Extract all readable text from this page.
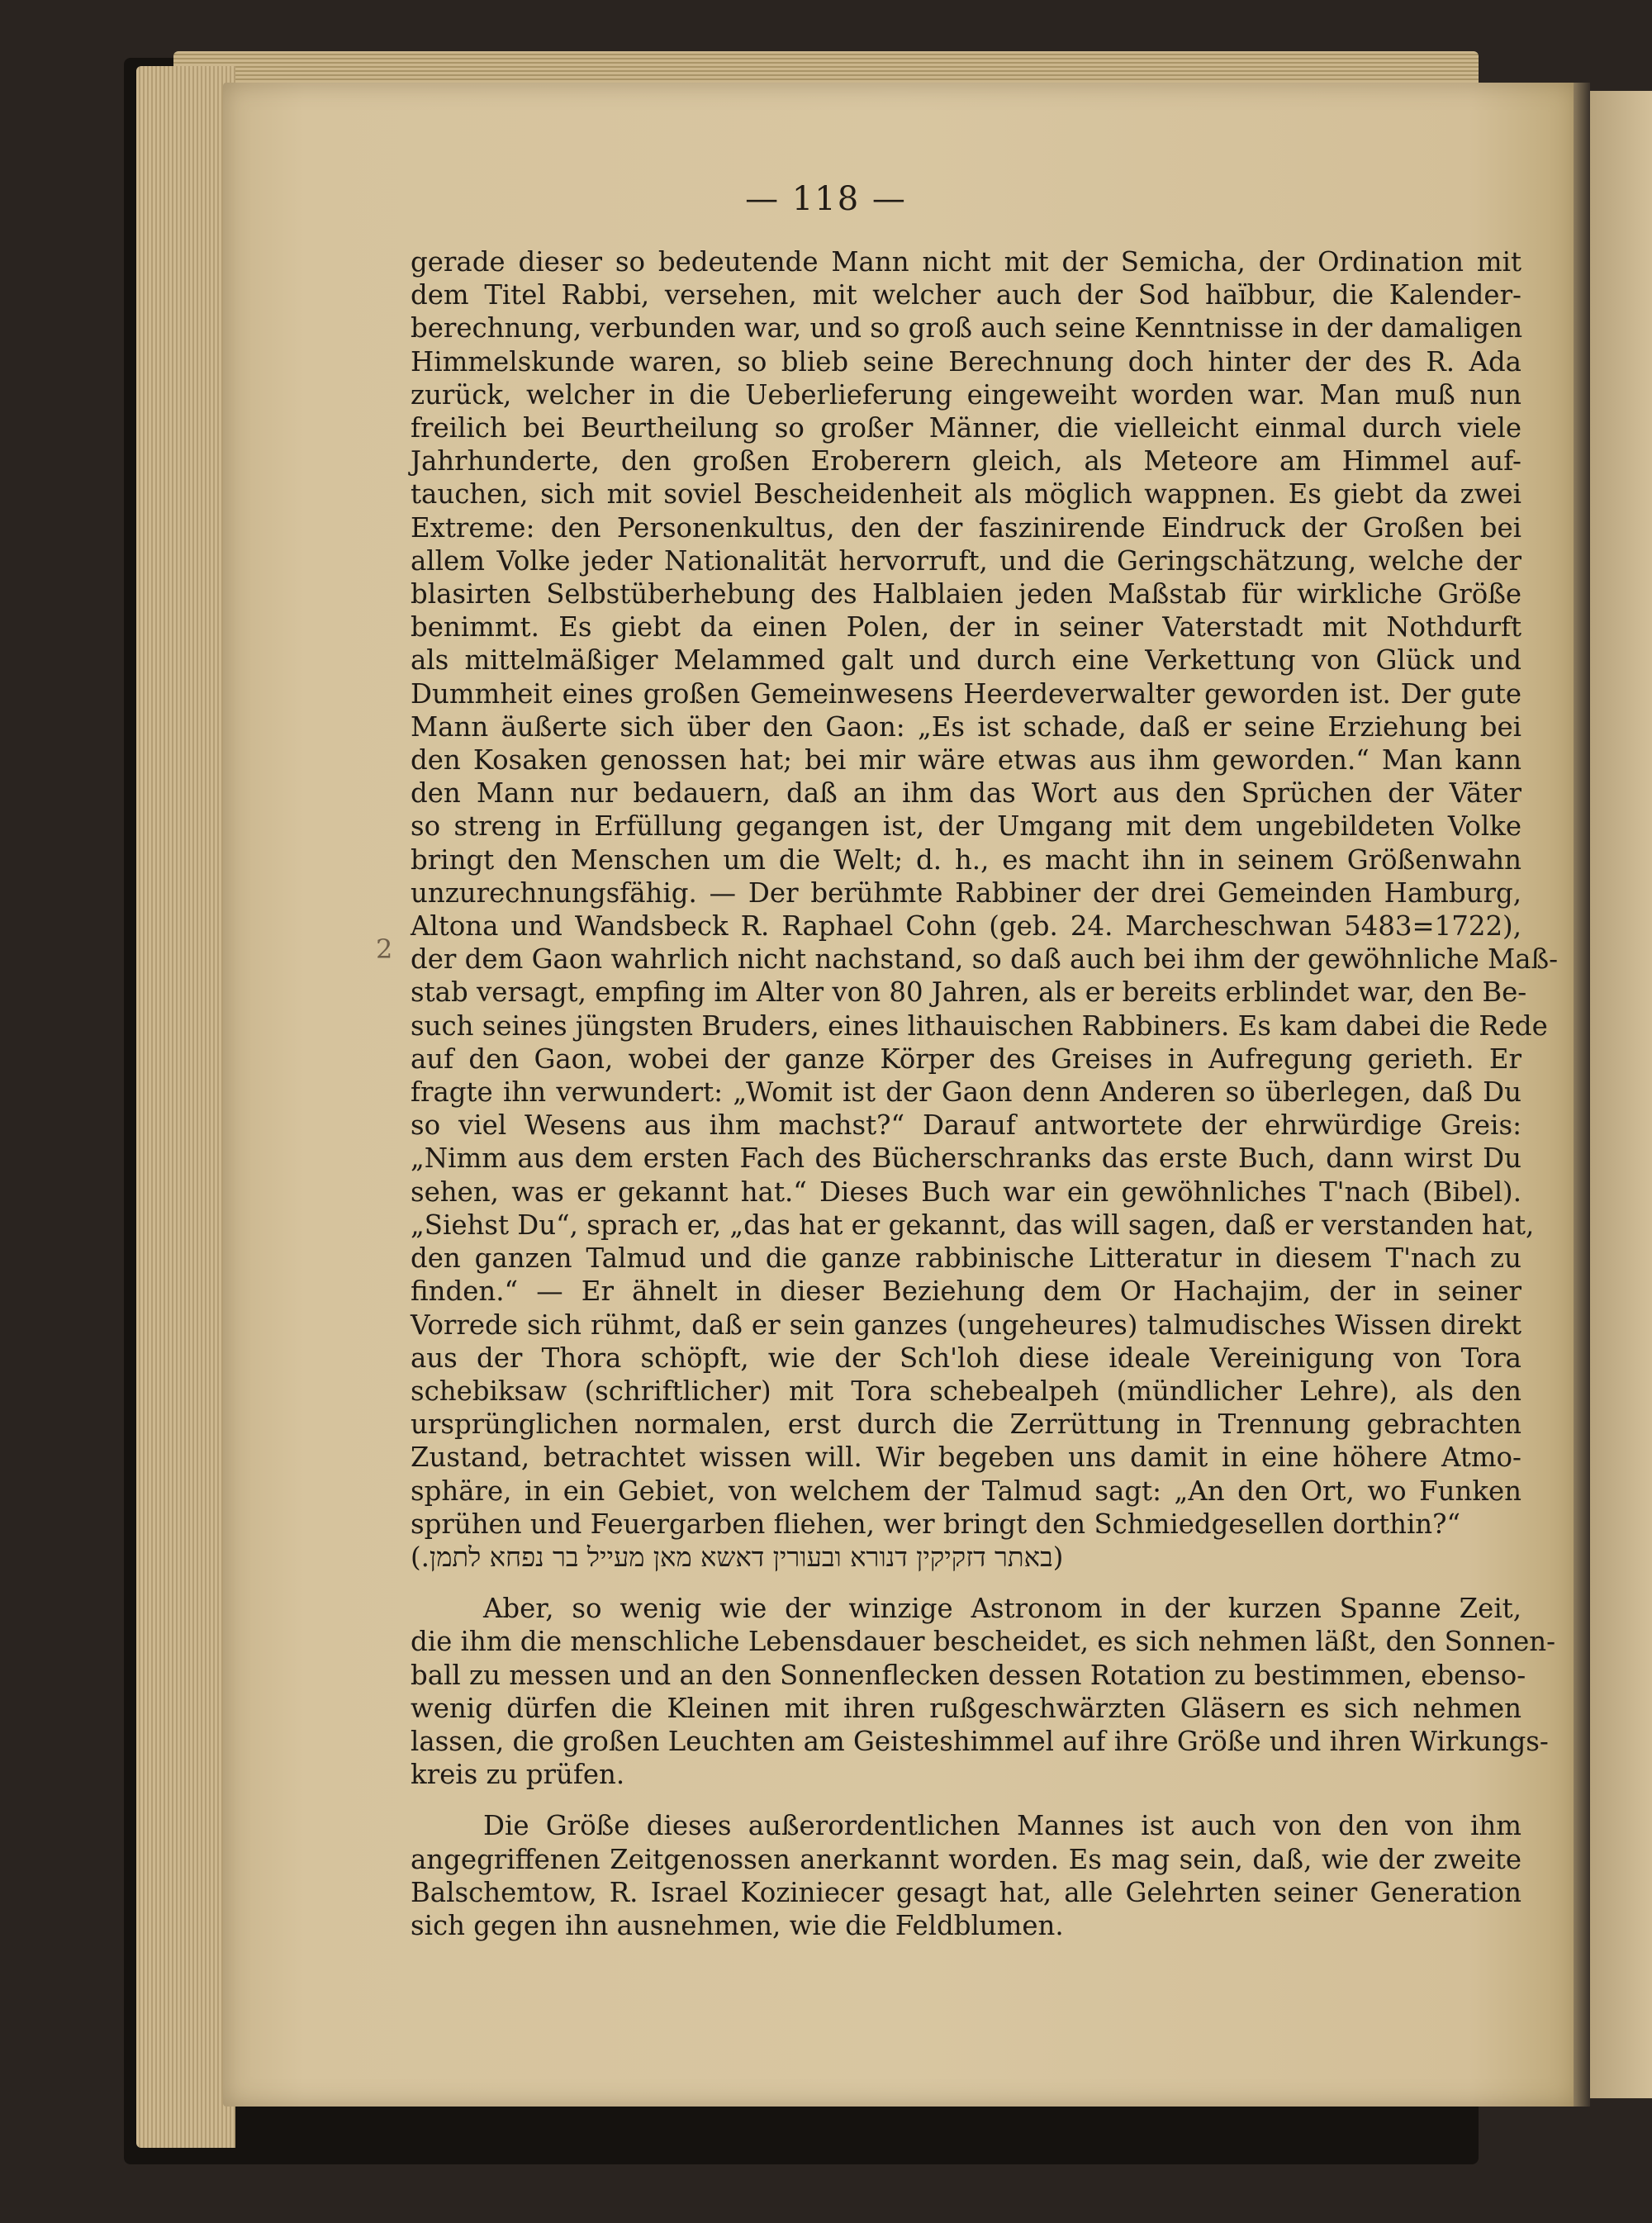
— 118 —
2

gerade dieser so bedeutende Mann nicht mit der Semicha, der Ordination mit
dem Titel Rabbi, versehen, mit welcher auch der Sod haïbbur, die Kalender-
berechnung, verbunden war, und so groß auch seine Kenntnisse in der damaligen
Himmelskunde waren, so blieb seine Berechnung doch hinter der des R. Ada
zurück, welcher in die Ueberlieferung eingeweiht worden war. Man muß nun
freilich bei Beurtheilung so großer Männer, die vielleicht einmal durch viele
Jahrhunderte, den großen Eroberern gleich, als Meteore am Himmel auf-
tauchen, sich mit soviel Bescheidenheit als möglich wappnen. Es giebt da zwei
Extreme: den Personenkultus, den der faszinirende Eindruck der Großen bei
allem Volke jeder Nationalität hervorruft, und die Geringschätzung, welche der
blasirten Selbstüberhebung des Halblaien jeden Maßstab für wirkliche Größe
benimmt. Es giebt da einen Polen, der in seiner Vaterstadt mit Nothdurft
als mittelmäßiger Melammed galt und durch eine Verkettung von Glück und
Dummheit eines großen Gemeinwesens Heerdeverwalter geworden ist. Der gute
Mann äußerte sich über den Gaon: „Es ist schade, daß er seine Erziehung bei
den Kosaken genossen hat; bei mir wäre etwas aus ihm geworden.“ Man kann
den Mann nur bedauern, daß an ihm das Wort aus den Sprüchen der Väter
so streng in Erfüllung gegangen ist, der Umgang mit dem ungebildeten Volke
bringt den Menschen um die Welt; d. h., es macht ihn in seinem Größenwahn
unzurechnungsfähig. — Der berühmte Rabbiner der drei Gemeinden Hamburg,
Altona und Wandsbeck R. Raphael Cohn (geb. 24. Marcheschwan 5483=1722),
der dem Gaon wahrlich nicht nachstand, so daß auch bei ihm der gewöhnliche Maß-
stab versagt, empfing im Alter von 80 Jahren, als er bereits erblindet war, den Be-
such seines jüngsten Bruders, eines lithauischen Rabbiners. Es kam dabei die Rede
auf den Gaon, wobei der ganze Körper des Greises in Aufregung gerieth. Er
fragte ihn verwundert: „Womit ist der Gaon denn Anderen so überlegen, daß Du
so viel Wesens aus ihm machst?“ Darauf antwortete der ehrwürdige Greis:
„Nimm aus dem ersten Fach des Bücherschranks das erste Buch, dann wirst Du
sehen, was er gekannt hat.“ Dieses Buch war ein gewöhnliches T'nach (Bibel).
„Siehst Du“, sprach er, „das hat er gekannt, das will sagen, daß er verstanden hat,
den ganzen Talmud und die ganze rabbinische Litteratur in diesem T'nach zu
finden.“ — Er ähnelt in dieser Beziehung dem Or Hachajim, der in seiner
Vorrede sich rühmt, daß er sein ganzes (ungeheures) talmudisches Wissen direkt
aus der Thora schöpft, wie der Sch'loh diese ideale Vereinigung von Tora
schebiksaw (schriftlicher) mit Tora schebealpeh (mündlicher Lehre), als den
ursprünglichen normalen, erst durch die Zerrüttung in Trennung gebrachten
Zustand, betrachtet wissen will. Wir begeben uns damit in eine höhere Atmo-
sphäre, in ein Gebiet, von welchem der Talmud sagt: „An den Ort, wo Funken
sprühen und Feuergarben fliehen, wer bringt den Schmiedgesellen dorthin?“

(באתר דזקיקין דנורא ובעורין דאשא מאן מעייל בר נפחא לתמן.)

Aber, so wenig wie der winzige Astronom in der kurzen Spanne Zeit,
die ihm die menschliche Lebensdauer bescheidet, es sich nehmen läßt, den Sonnen-
ball zu messen und an den Sonnenflecken dessen Rotation zu bestimmen, ebenso-
wenig dürfen die Kleinen mit ihren rußgeschwärzten Gläsern es sich nehmen
lassen, die großen Leuchten am Geisteshimmel auf ihre Größe und ihren Wirkungs-
kreis zu prüfen.

Die Größe dieses außerordentlichen Mannes ist auch von den von ihm
angegriffenen Zeitgenossen anerkannt worden. Es mag sein, daß, wie der zweite
Balschemtow, R. Israel Koziniecer gesagt hat, alle Gelehrten seiner Generation
sich gegen ihn ausnehmen, wie die Feldblumen.
